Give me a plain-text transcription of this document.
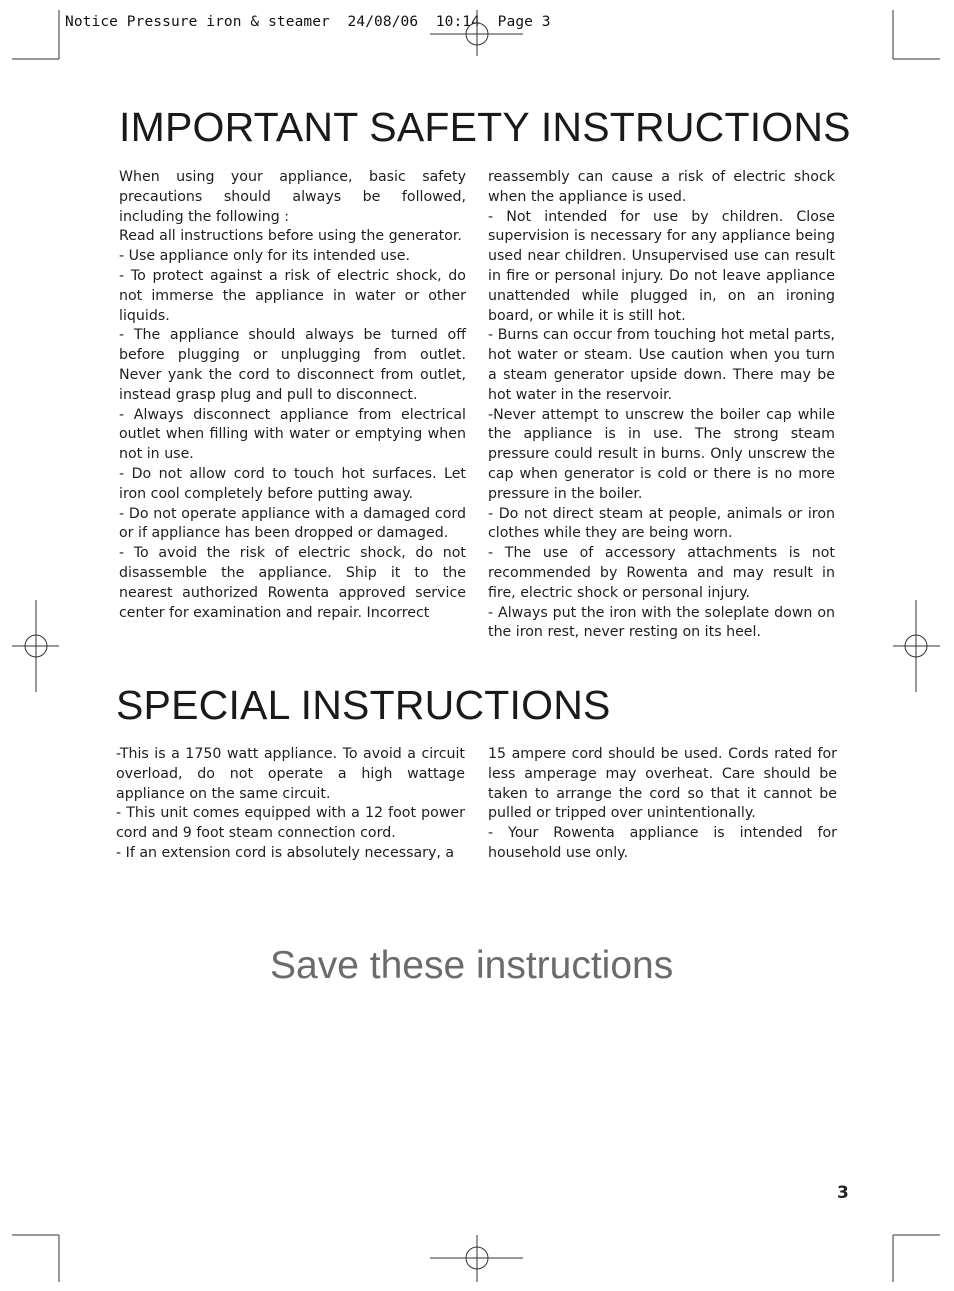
Notice Pressure iron & steamer  24/08/06  10:14  Page 3
IMPORTANT SAFETY INSTRUCTIONS

When using your appliance, basic safety precautions should always be followed, including the following :

Read all instructions before using the generator.

- Use appliance only for its intended use.

- To protect against a risk of electric shock, do not immerse the appliance in water or other liquids.

- The appliance should always be turned off before plugging or unplugging from outlet. Never yank the cord to disconnect from outlet, instead grasp plug and pull to disconnect.

- Always disconnect appliance from electrical outlet when filling with water or emptying when not in use.

- Do not allow cord to touch hot surfaces. Let iron cool completely before putting away.

- Do not operate appliance with a damaged cord or if appliance has been dropped or damaged.

- To avoid the risk of electric shock, do not disassemble the appliance. Ship it to the nearest authorized Rowenta approved service center for examination and repair. Incorrect

reassembly can cause a risk of electric shock when the appliance is used.

- Not intended for use by children. Close supervision is necessary for any appliance being used near children. Unsupervised use can result in fire or personal injury. Do not leave appliance unattended while plugged in, on an ironing board, or while it is still hot.

- Burns can occur from touching hot metal parts, hot water or steam. Use caution when you turn a steam generator upside down. There may be hot water in the reservoir.

-Never attempt to unscrew the boiler cap while the appliance is in use. The strong steam pressure could result in burns. Only unscrew the cap when generator is cold or there is no more pressure in the boiler.

- Do not direct steam at people, animals or iron clothes while they are being worn.

- The use of accessory attachments is not recommended by Rowenta and may result in fire, electric shock or personal injury.

- Always put the iron with the soleplate down on the iron rest, never resting on its heel.

SPECIAL INSTRUCTIONS

-This is a 1750 watt appliance. To avoid a circuit overload, do not operate a high wattage appliance on the same circuit.

- This unit comes equipped with a 12 foot power cord and 9 foot steam connection cord.

- If an extension cord is absolutely necessary, a

15 ampere cord should be used. Cords rated for less amperage may overheat. Care should be taken to arrange the cord so that it cannot be pulled or tripped over unintentionally.

- Your Rowenta appliance is intended for household use only.

Save these instructions
3
